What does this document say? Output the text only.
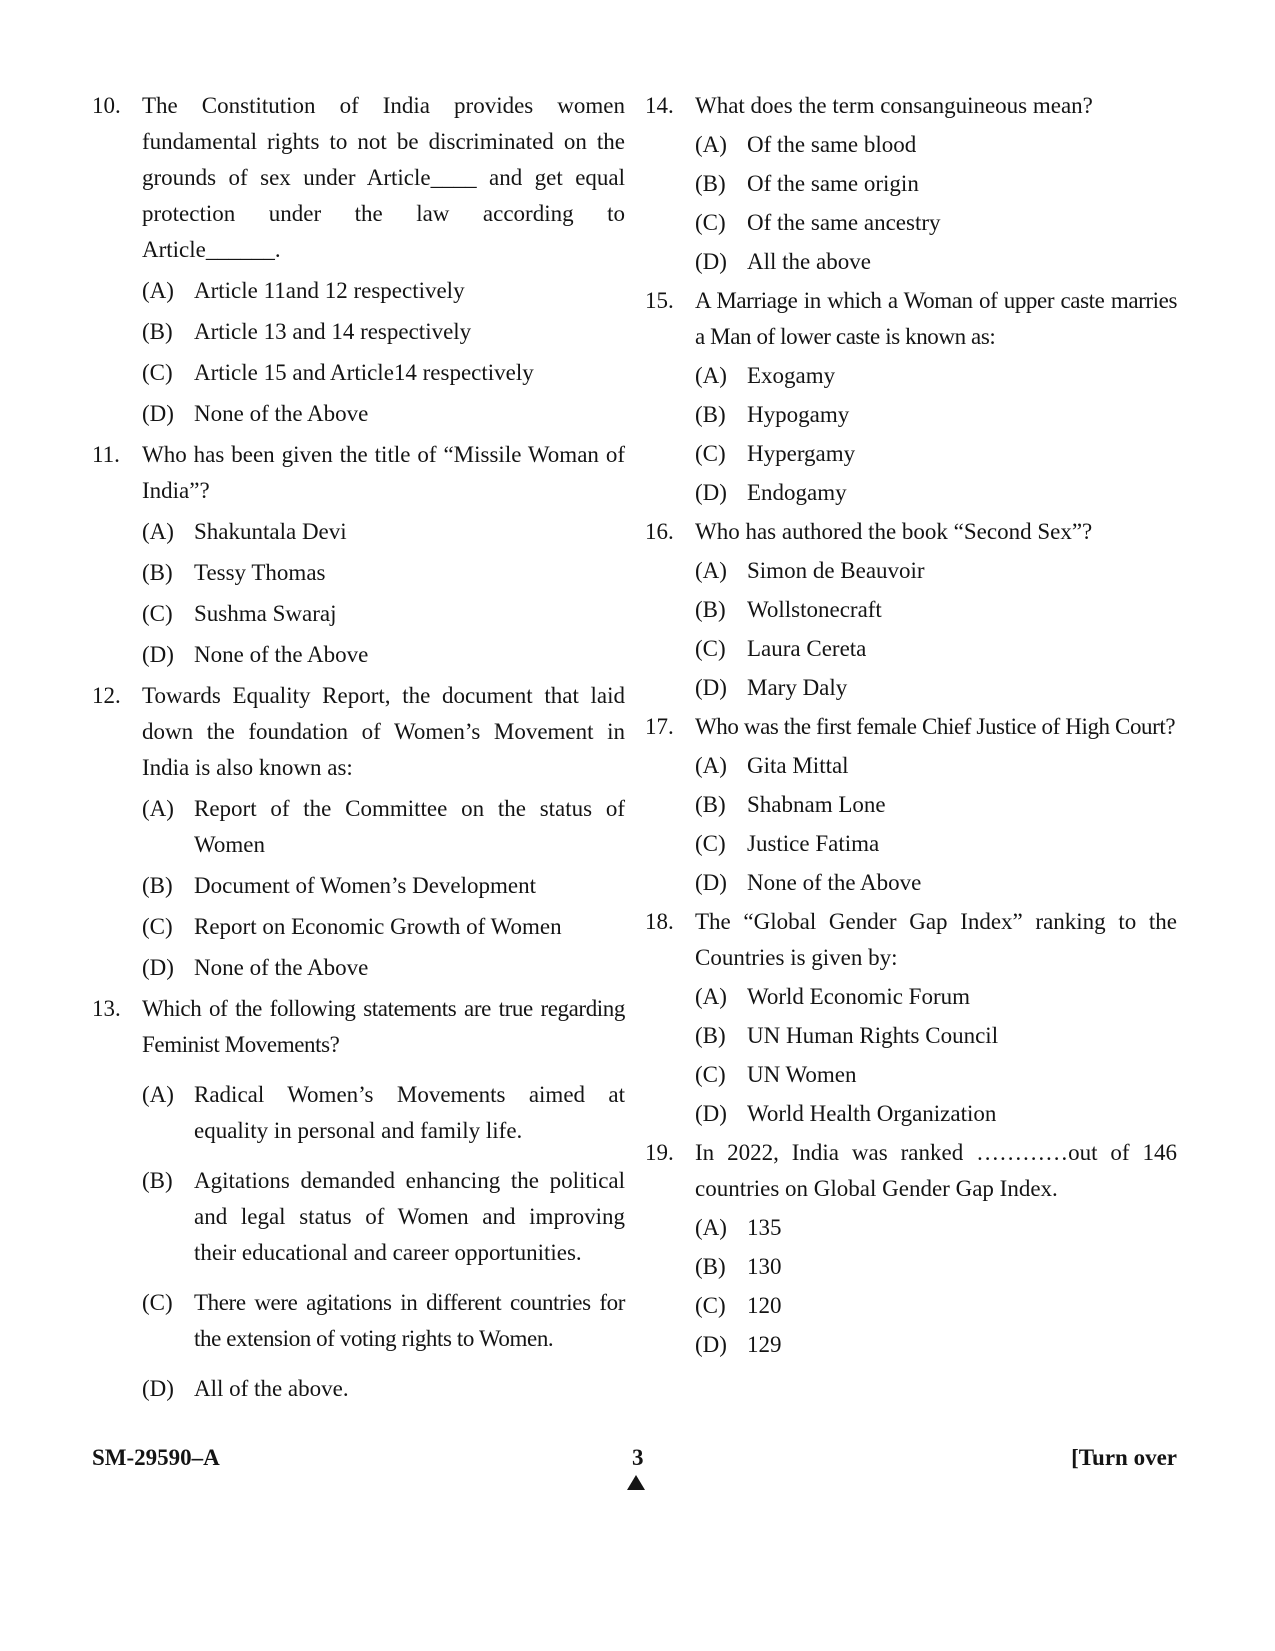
10. The Constitution of India provides women fundamental rights to not be discriminated on the grounds of sex under Article____ and get equal protection under the law according to Article______.
(A) Article 11and 12 respectively
(B) Article 13 and 14 respectively
(C) Article 15 and Article14 respectively
(D) None of the Above
11. Who has been given the title of “Missile Woman of India”?
(A) Shakuntala Devi
(B) Tessy Thomas
(C) Sushma Swaraj
(D) None of the Above
12. Towards Equality Report, the document that laid down the foundation of Women’s Movement in India is also known as:
(A) Report of the Committee on the status of Women
(B) Document of Women’s Development
(C) Report on Economic Growth of Women
(D) None of the Above
13. Which of the following statements are true regarding Feminist Movements?
(A) Radical Women’s Movements aimed at equality in personal and family life.
(B) Agitations demanded enhancing the political and legal status of Women and improving their educational and career opportunities.
(C) There were agitations in different countries for the extension of voting rights to Women.
(D) All of the above.
14. What does the term consanguineous mean?
(A) Of the same blood
(B) Of the same origin
(C) Of the same ancestry
(D) All the above
15. A Marriage in which a Woman of upper caste marries a Man of lower caste is known as:
(A) Exogamy
(B) Hypogamy
(C) Hypergamy
(D) Endogamy
16. Who has authored the book “Second Sex”?
(A) Simon de Beauvoir
(B) Wollstonecraft
(C) Laura Cereta
(D) Mary Daly
17. Who was the first female Chief Justice of High Court?
(A) Gita Mittal
(B) Shabnam Lone
(C) Justice Fatima
(D) None of the Above
18. The “Global Gender Gap Index” ranking to the Countries is given by:
(A) World Economic Forum
(B) UN Human Rights Council
(C) UN Women
(D) World Health Organization
19. In 2022, India was ranked …………out of 146 countries on Global Gender Gap Index.
(A) 135
(B) 130
(C) 120
(D) 129
SM-29590–A	3	[Turn over
